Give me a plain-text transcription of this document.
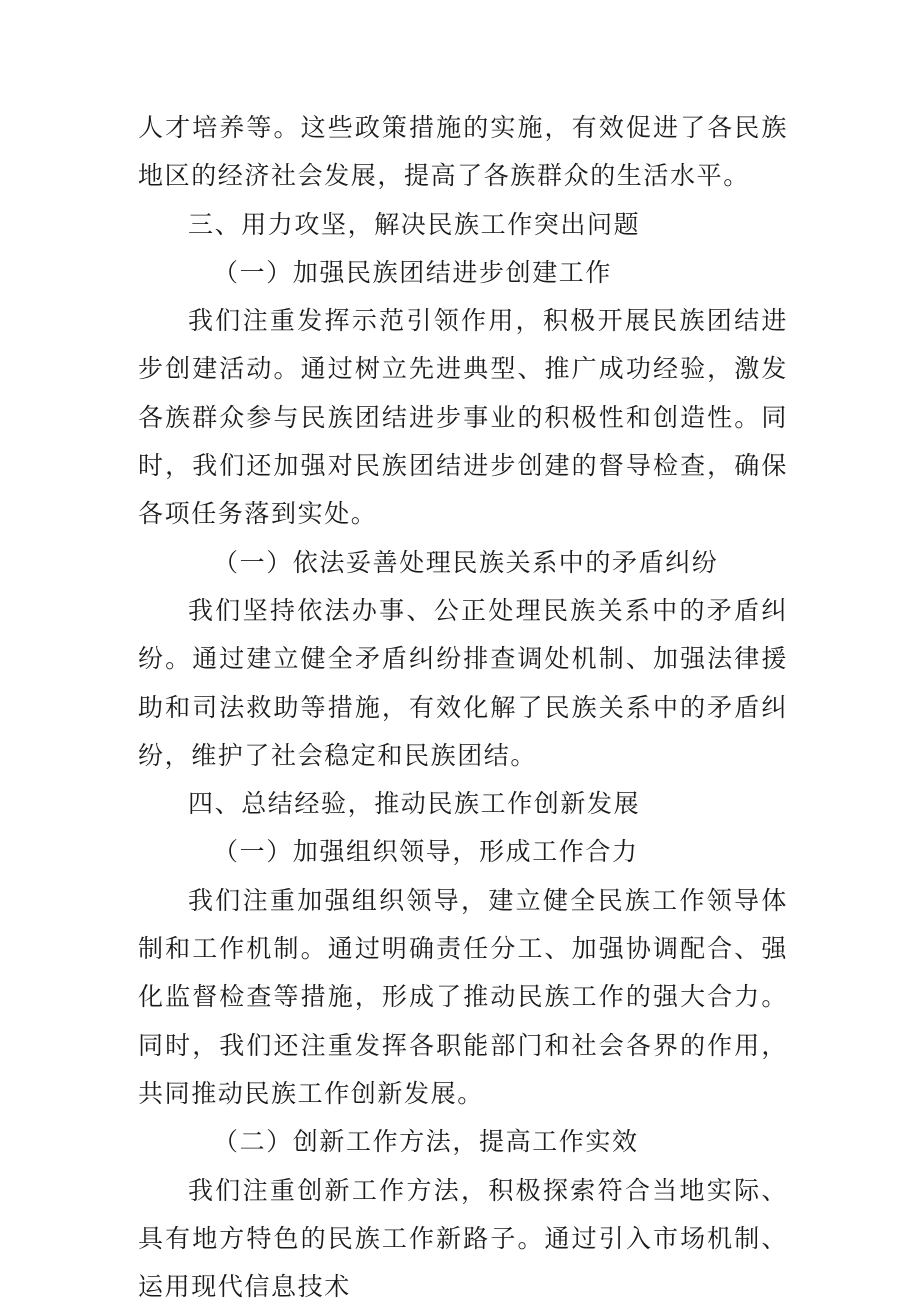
人才培养等。这些政策措施的实施，有效促进了各民族地区的经济社会发展，提高了各族群众的生活水平。

三、用力攻坚，解决民族工作突出问题

（一）加强民族团结进步创建工作

我们注重发挥示范引领作用，积极开展民族团结进步创建活动。通过树立先进典型、推广成功经验，激发各族群众参与民族团结进步事业的积极性和创造性。同时，我们还加强对民族团结进步创建的督导检查，确保各项任务落到实处。

（一）依法妥善处理民族关系中的矛盾纠纷

我们坚持依法办事、公正处理民族关系中的矛盾纠纷。通过建立健全矛盾纠纷排查调处机制、加强法律援助和司法救助等措施，有效化解了民族关系中的矛盾纠纷，维护了社会稳定和民族团结。

四、总结经验，推动民族工作创新发展

（一）加强组织领导，形成工作合力

我们注重加强组织领导，建立健全民族工作领导体制和工作机制。通过明确责任分工、加强协调配合、强化监督检查等措施，形成了推动民族工作的强大合力。同时，我们还注重发挥各职能部门和社会各界的作用，共同推动民族工作创新发展。

（二）创新工作方法，提高工作实效

我们注重创新工作方法，积极探索符合当地实际、具有地方特色的民族工作新路子。通过引入市场机制、运用现代信息技术
